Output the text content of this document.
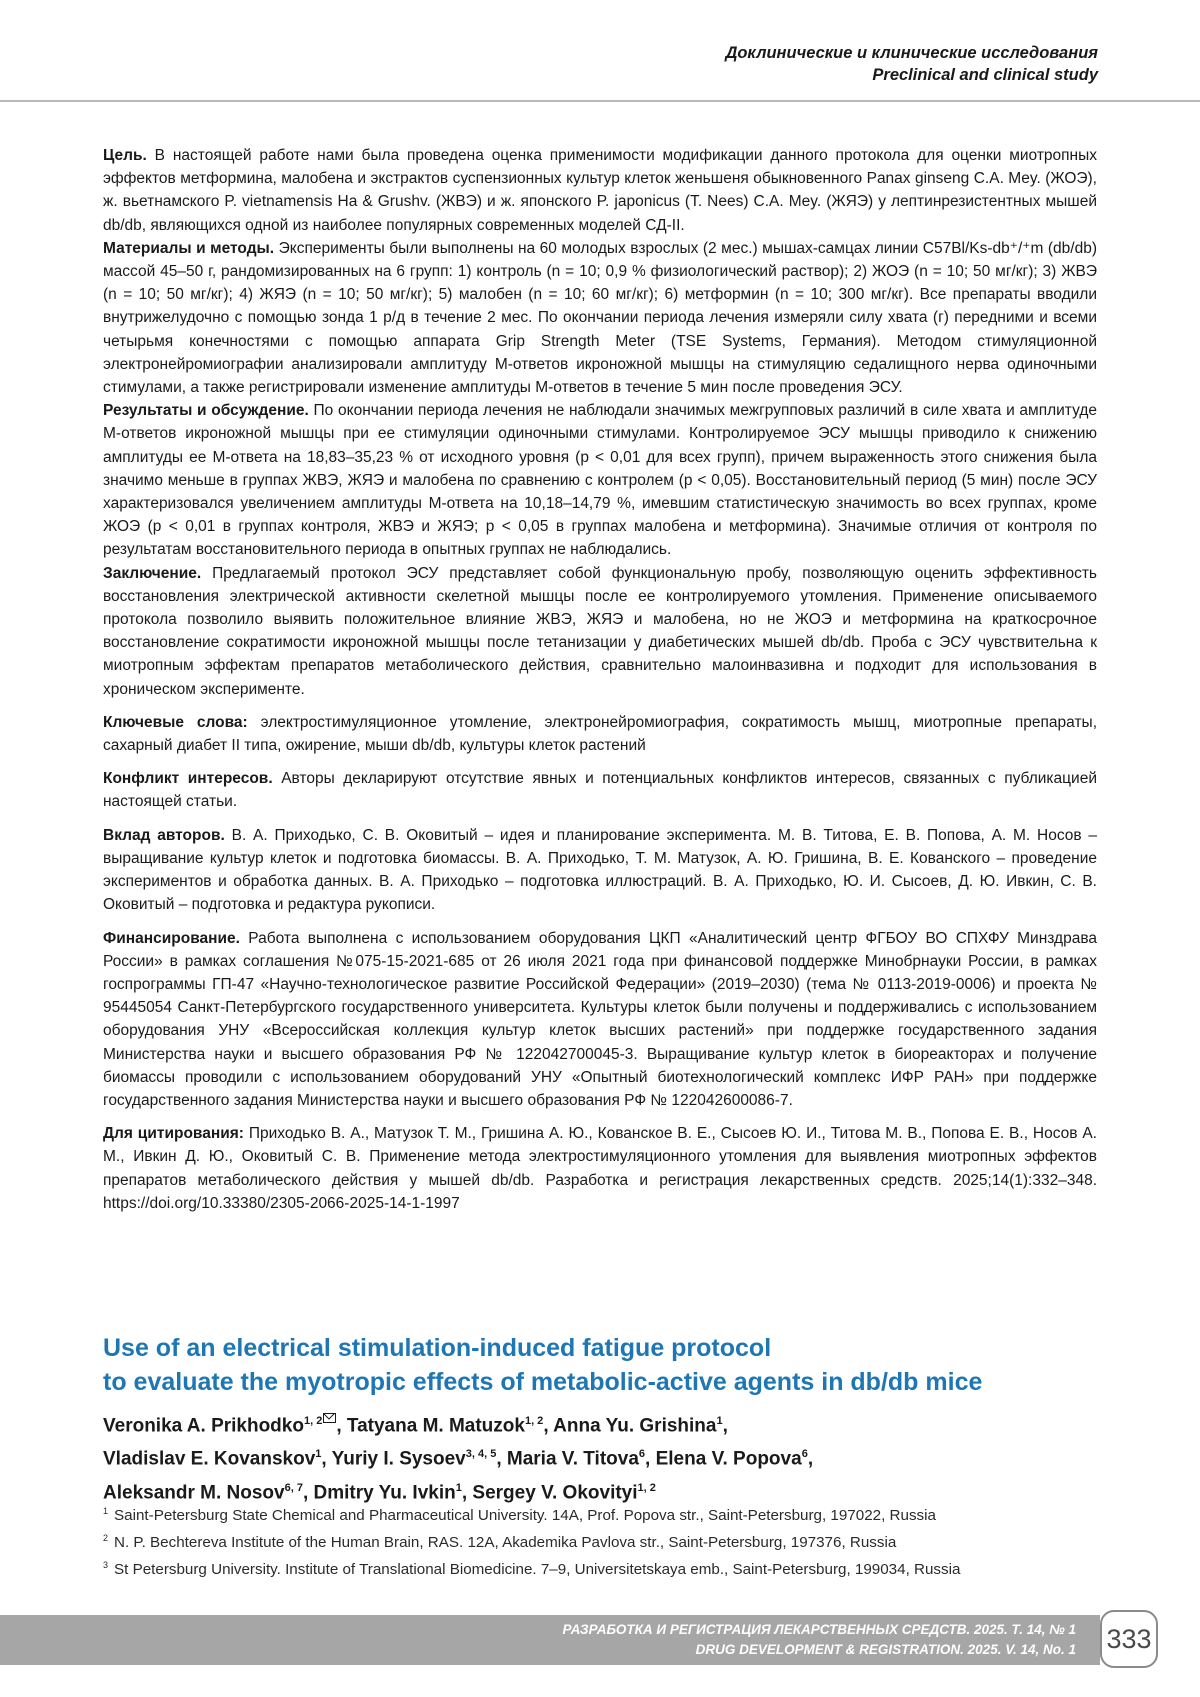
Доклинические и клинические исследования
Preclinical and clinical study

Цель. В настоящей работе нами была проведена оценка применимости модификации данного протокола для оценки миотропных эффектов метформина, малобена и экстрактов суспензионных культур клеток женьшеня обыкновенного Panax ginseng C.A. Mey. (ЖОЭ), ж. вьетнамского P. vietnamensis Ha & Grushv. (ЖВЭ) и ж. японского P. japonicus (T. Nees) C.A. Mey. (ЖЯЭ) у лептинрезистентных мышей db/db, являющихся одной из наиболее популярных современных моделей СД-II.

Материалы и методы. Эксперименты были выполнены на 60 молодых взрослых (2 мес.) мышах-самцах линии C57Bl/Ks-db⁺/⁺m (db/db) массой 45–50 г, рандомизированных на 6 групп: 1) контроль (n = 10; 0,9 % физиологический раствор); 2) ЖОЭ (n = 10; 50 мг/кг); 3) ЖВЭ (n = 10; 50 мг/кг); 4) ЖЯЭ (n = 10; 50 мг/кг); 5) малобен (n = 10; 60 мг/кг); 6) метформин (n = 10; 300 мг/кг). Все препараты вводили внутрижелудочно с помощью зонда 1 р/д в течение 2 мес. По окончании периода лечения измеряли силу хвата (г) передними и всеми четырьмя конечностями с помощью аппарата Grip Strength Meter (TSE Systems, Германия). Методом стимуляционной электронейромиографии анализировали амплитуду М-ответов икроножной мышцы на стимуляцию седалищного нерва одиночными стимулами, а также регистрировали изменение амплитуды М-ответов в течение 5 мин после проведения ЭСУ.

Результаты и обсуждение. По окончании периода лечения не наблюдали значимых межгрупповых различий в силе хвата и амплитуде М-ответов икроножной мышцы при ее стимуляции одиночными стимулами. Контролируемое ЭСУ мышцы приводило к снижению амплитуды ее М-ответа на 18,83–35,23 % от исходного уровня (p < 0,01 для всех групп), причем выраженность этого снижения была значимо меньше в группах ЖВЭ, ЖЯЭ и малобена по сравнению с контролем (p < 0,05). Восстановительный период (5 мин) после ЭСУ характеризовался увеличением амплитуды М-ответа на 10,18–14,79 %, имевшим статистическую значимость во всех группах, кроме ЖОЭ (p < 0,01 в группах контроля, ЖВЭ и ЖЯЭ; p < 0,05 в группах малобена и метформина). Значимые отличия от контроля по результатам восстановительного периода в опытных группах не наблюдались.

Заключение. Предлагаемый протокол ЭСУ представляет собой функциональную пробу, позволяющую оценить эффективность восстановления электрической активности скелетной мышцы после ее контролируемого утомления. Применение описываемого протокола позволило выявить положительное влияние ЖВЭ, ЖЯЭ и малобена, но не ЖОЭ и метформина на краткосрочное восстановление сократимости икроножной мышцы после тетанизации у диабетических мышей db/db. Проба с ЭСУ чувствительна к миотропным эффектам препаратов метаболического действия, сравнительно малоинвазивна и подходит для использования в хроническом эксперименте.

Ключевые слова: электростимуляционное утомление, электронейромиография, сократимость мышц, миотропные препараты, сахарный диабет II типа, ожирение, мыши db/db, культуры клеток растений

Конфликт интересов. Авторы декларируют отсутствие явных и потенциальных конфликтов интересов, связанных с публикацией настоящей статьи.

Вклад авторов. В. А. Приходько, С. В. Оковитый – идея и планирование эксперимента. М. В. Титова, Е. В. Попова, А. М. Носов – выращивание культур клеток и подготовка биомассы. В. А. Приходько, Т. М. Матузок, А. Ю. Гришина, В. Е. Кованского – проведение экспериментов и обработка данных. В. А. Приходько – подготовка иллюстраций. В. А. Приходько, Ю. И. Сысоев, Д. Ю. Ивкин, С. В. Оковитый – подготовка и редактура рукописи.

Финансирование. Работа выполнена с использованием оборудования ЦКП «Аналитический центр ФГБОУ ВО СПХФУ Минздрава России» в рамках соглашения №075-15-2021-685 от 26 июля 2021 года при финансовой поддержке Минобрнауки России, в рамках госпрограммы ГП-47 «Научно-технологическое развитие Российской Федерации» (2019–2030) (тема № 0113-2019-0006) и проекта № 95445054 Санкт-Петербургского государственного университета. Культуры клеток были получены и поддерживались с использованием оборудования УНУ «Всероссийская коллекция культур клеток высших растений» при поддержке государственного задания Министерства науки и высшего образования РФ № 122042700045-3. Выращивание культур клеток в биореакторах и получение биомассы проводили с использованием оборудований УНУ «Опытный биотехнологический комплекс ИФР РАН» при поддержке государственного задания Министерства науки и высшего образования РФ № 122042600086-7.

Для цитирования: Приходько В. А., Матузок Т. М., Гришина А. Ю., Кованское В. Е., Сысоев Ю. И., Титова М. В., Попова Е. В., Носов А. М., Ивкин Д. Ю., Оковитый С. В. Применение метода электростимуляционного утомления для выявления миотропных эффектов препаратов метаболического действия у мышей db/db. Разработка и регистрация лекарственных средств. 2025;14(1):332–348. https://doi.org/10.33380/2305-2066-2025-14-1-1997

Use of an electrical stimulation-induced fatigue protocol
to evaluate the myotropic effects of metabolic-active agents in db/db mice
Veronika A. Prikhodko$^{1, 2}$ , Tatyana M. Matuzok$^{1, 2}$, Anna Yu. Grishina$^1$,
Vladislav E. Kovanskov$^1$, Yuriy I. Sysoev$^{3, 4, 5}$, Maria V. Titova$^6$, Elena V. Popova$^6$,
Aleksandr M. Nosov$^{6, 7}$, Dmitry Yu. Ivkin$^1$, Sergey V. Okovityi$^{1, 2}$
$^1$ Saint-Petersburg State Chemical and Pharmaceutical University. 14A, Prof. Popova str., Saint-Petersburg, 197022, Russia
$^2$ N. P. Bechtereva Institute of the Human Brain, RAS. 12A, Akademika Pavlova str., Saint-Petersburg, 197376, Russia
$^3$ St Petersburg University. Institute of Translational Biomedicine. 7–9, Universitetskaya emb., Saint-Petersburg, 199034, Russia
РАЗРАБОТКА И РЕГИСТРАЦИЯ ЛЕКАРСТВЕННЫХ СРЕДСТВ. 2025. Т. 14, № 1
DRUG DEVELOPMENT & REGISTRATION. 2025. V. 14, No. 1 333
